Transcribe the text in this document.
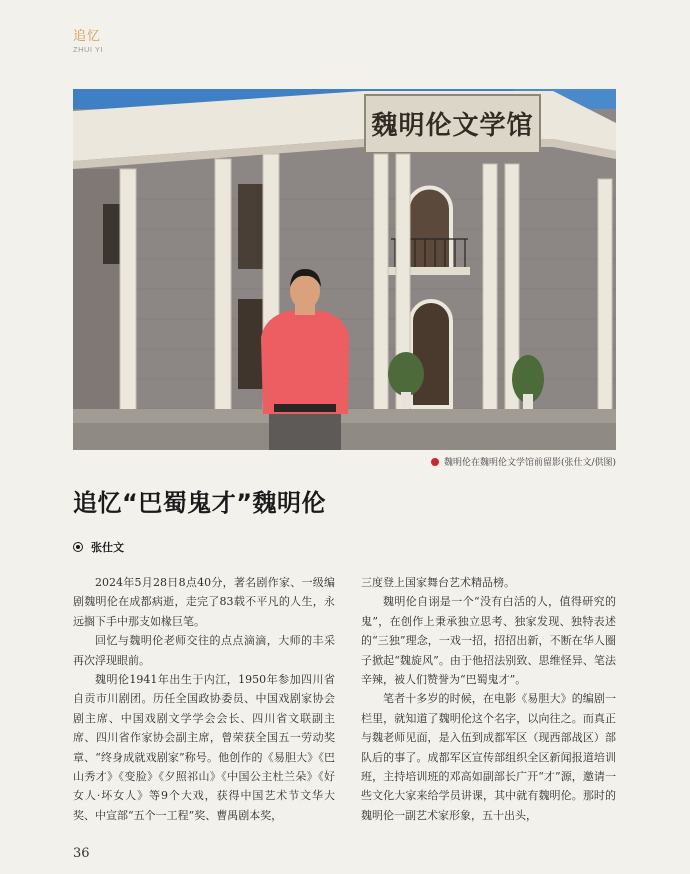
追忆
ZHUI YI
魏明伦文学馆
魏明伦在魏明伦文学馆前留影(张仕文/供图)
追忆“巴蜀鬼才”魏明伦
张仕文

2024年5月28日8点40分，著名剧作家、一级编剧魏明伦在成都病逝，走完了83载不平凡的人生，永远搁下手中那支如椽巨笔。

回忆与魏明伦老师交往的点点滴滴，大师的丰采再次浮现眼前。

魏明伦1941年出生于内江，1950年参加四川省自贡市川剧团。历任全国政协委员、中国戏剧家协会剧主席、中国戏剧文学学会会长、四川省文联副主席、四川省作家协会副主席，曾荣获全国五一劳动奖章、“终身成就戏剧家”称号。他创作的《易胆大》《巴山秀才》《变脸》《夕照祁山》《中国公主杜兰朵》《好女人·坏女人》等9个大戏，获得中国艺术节文华大奖、中宣部“五个一工程”奖、曹禺剧本奖，

三度登上国家舞台艺术精品榜。

魏明伦自诩是一个“没有白活的人，值得研究的鬼”，在创作上秉承独立思考、独家发现、独特表述的“三独”理念，一戏一招，招招出新，不断在华人圈子掀起“魏旋风”。由于他招法别致、思维怪异、笔法辛辣，被人们赞誉为“巴蜀鬼才”。

笔者十多岁的时候，在电影《易胆大》的编剧一栏里，就知道了魏明伦这个名字，以向往之。而真正与魏老师见面，是入伍到成都军区（现西部战区）部队后的事了。成都军区宣传部组织全区新闻报道培训班，主持培训班的邓高如副部长广开“才”源，邀请一些文化大家来给学员讲课，其中就有魏明伦。那时的魏明伦一副艺术家形象，五十出头，

36
